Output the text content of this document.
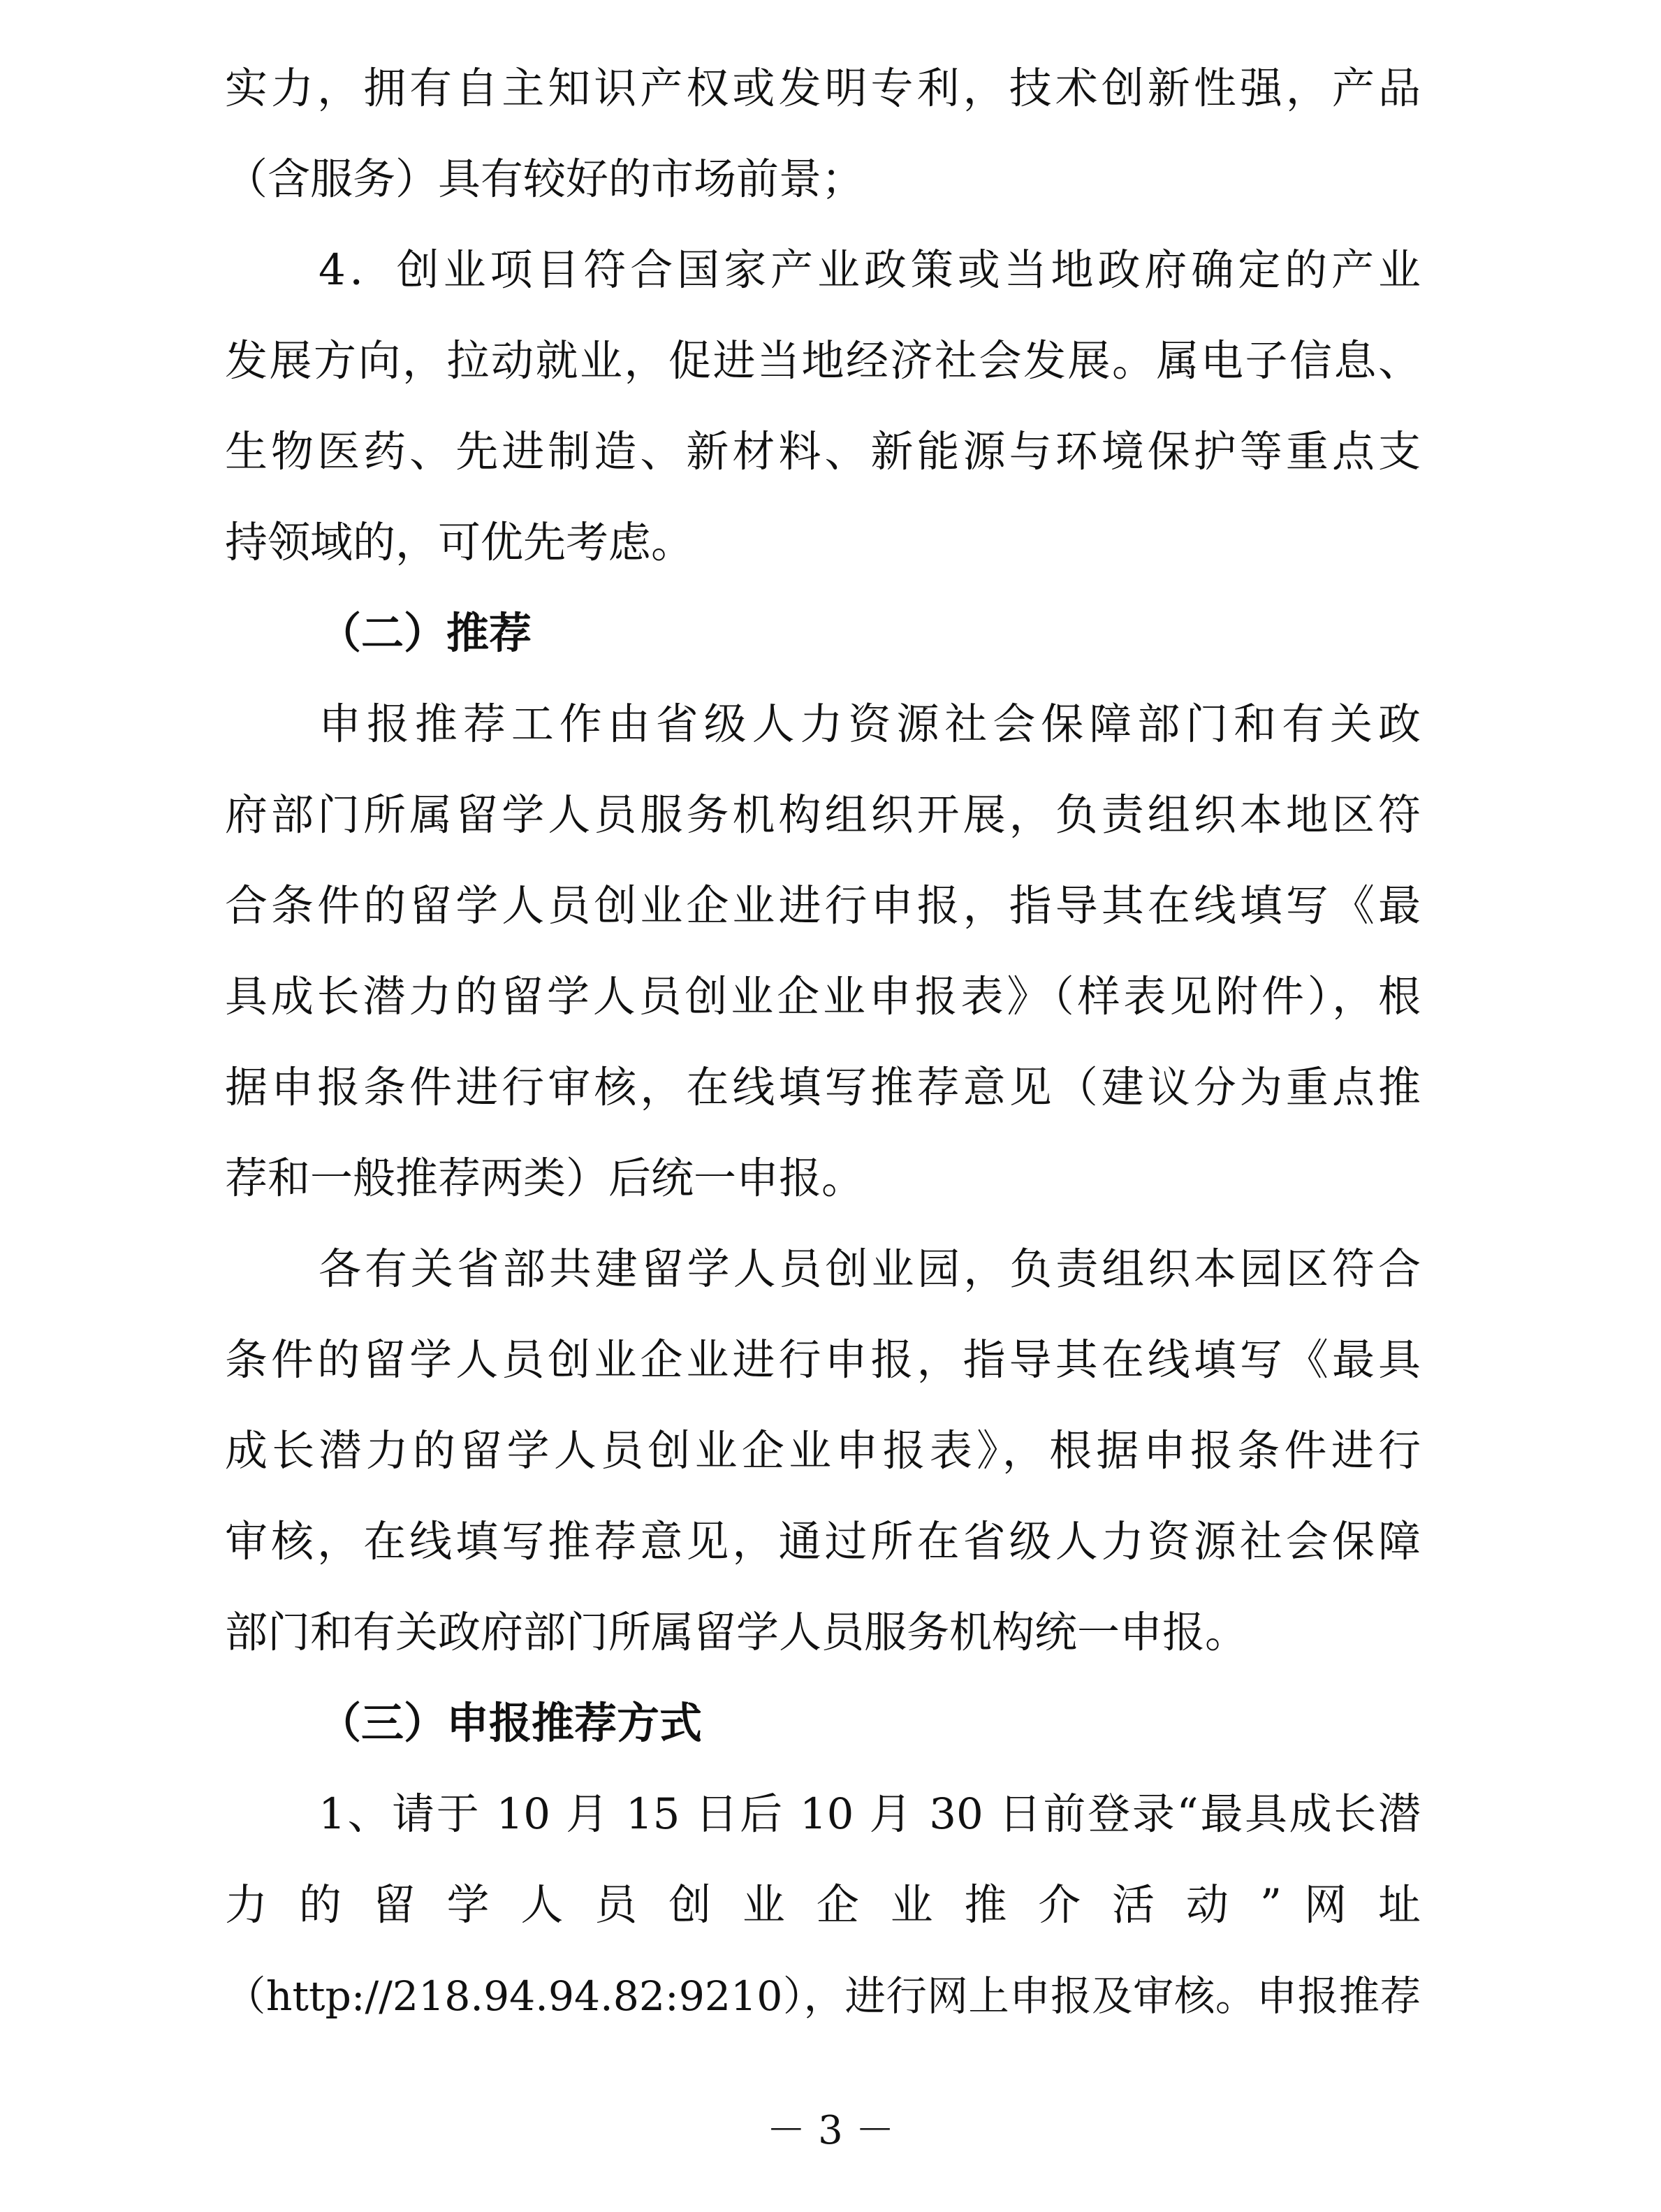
实力，拥有自主知识产权或发明专利，技术创新性强，产品
（含服务）具有较好的市场前景；
4．创业项目符合国家产业政策或当地政府确定的产业
发展方向，拉动就业，促进当地经济社会发展。属电子信息、
生物医药、先进制造、新材料、新能源与环境保护等重点支
持领域的，可优先考虑。
（二）推荐
申报推荐工作由省级人力资源社会保障部门和有关政
府部门所属留学人员服务机构组织开展，负责组织本地区符
合条件的留学人员创业企业进行申报，指导其在线填写《最
具成长潜力的留学人员创业企业申报表》（样表见附件），根
据申报条件进行审核，在线填写推荐意见（建议分为重点推
荐和一般推荐两类）后统一申报。
各有关省部共建留学人员创业园，负责组织本园区符合
条件的留学人员创业企业进行申报，指导其在线填写《最具
成长潜力的留学人员创业企业申报表》，根据申报条件进行
审核，在线填写推荐意见，通过所在省级人力资源社会保障
部门和有关政府部门所属留学人员服务机构统一申报。
（三）申报推荐方式
1、请于 10 月 15 日后 10 月 30 日前登录“最具成长潜
力 的 留 学 人 员 创 业 企 业 推 介 活 动 ” 网 址
（http://218.94.94.82:9210），进行网上申报及审核。申报推荐
－ 3 －
